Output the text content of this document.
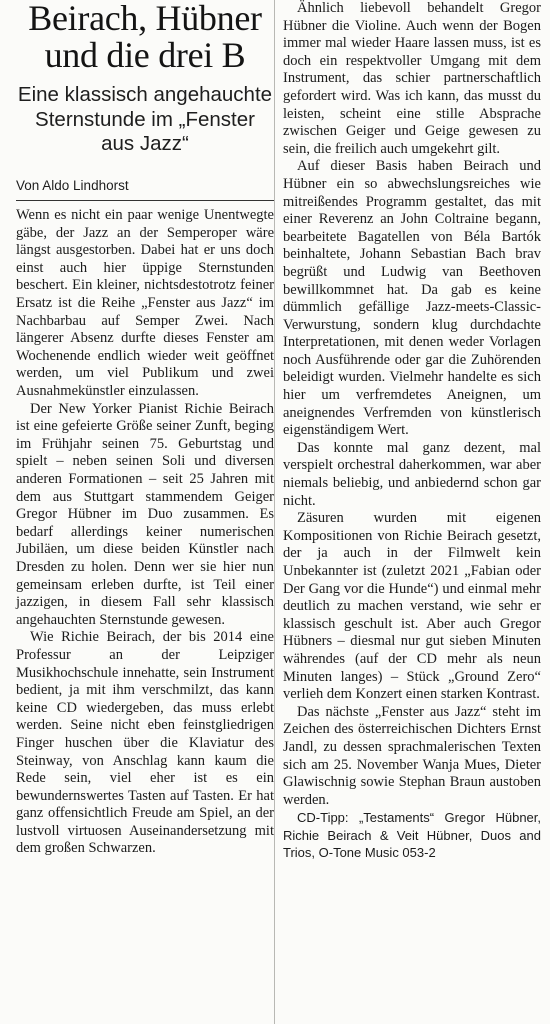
Beirach, Hübner und die drei B
Eine klassisch angehauchte Sternstunde im „Fenster aus Jazz“
Von Aldo Lindhorst

Wenn es nicht ein paar wenige Unentwegte gäbe, der Jazz an der Semperoper wäre längst ausgestorben. Dabei hat er uns doch einst auch hier üppige Sternstunden beschert. Ein kleiner, nichtsdestotrotz feiner Ersatz ist die Reihe „Fenster aus Jazz“ im Nachbarbau auf Semper Zwei. Nach längerer Absenz durfte dieses Fenster am Wochenende endlich wieder weit geöffnet werden, um viel Publikum und zwei Ausnahmekünstler einzulassen.

Der New Yorker Pianist Richie Beirach ist eine gefeierte Größe seiner Zunft, beging im Frühjahr seinen 75. Geburtstag und spielt – neben seinen Soli und diversen anderen Formationen – seit 25 Jahren mit dem aus Stuttgart stammendem Geiger Gregor Hübner im Duo zusammen. Es bedarf allerdings keiner numerischen Jubiläen, um diese beiden Künstler nach Dresden zu holen. Denn wer sie hier nun gemeinsam erleben durfte, ist Teil einer jazzigen, in diesem Fall sehr klassisch angehauchten Sternstunde gewesen.

Wie Richie Beirach, der bis 2014 eine Professur an der Leipziger Musikhochschule innehatte, sein Instrument bedient, ja mit ihm verschmilzt, das kann keine CD wiedergeben, das muss erlebt werden. Seine nicht eben feinstgliedrigen Finger huschen über die Klaviatur des Steinway, von Anschlag kann kaum die Rede sein, viel eher ist es ein bewundernswertes Tasten auf Tasten. Er hat ganz offensichtlich Freude am Spiel, an der lustvoll virtuosen Auseinandersetzung mit dem großen Schwarzen.

Ähnlich liebevoll behandelt Gregor Hübner die Violine. Auch wenn der Bogen immer mal wieder Haare lassen muss, ist es doch ein respektvoller Umgang mit dem Instrument, das schier partnerschaftlich gefordert wird. Was ich kann, das musst du leisten, scheint eine stille Absprache zwischen Geiger und Geige gewesen zu sein, die freilich auch umgekehrt gilt.

Auf dieser Basis haben Beirach und Hübner ein so abwechslungsreiches wie mitreißendes Programm gestaltet, das mit einer Reverenz an John Coltraine begann, bearbeitete Bagatellen von Béla Bartók beinhaltete, Johann Sebastian Bach brav begrüßt und Ludwig van Beethoven bewillkommnet hat. Da gab es keine dümmlich gefällige Jazz-meets-Classic-Verwurstung, sondern klug durchdachte Interpretationen, mit denen weder Vorlagen noch Ausführende oder gar die Zuhörenden beleidigt wurden. Vielmehr handelte es sich hier um verfremdetes Aneignen, um aneignendes Verfremden von künstlerisch eigenständigem Wert.

Das konnte mal ganz dezent, mal verspielt orchestral daherkommen, war aber niemals beliebig, und anbiedernd schon gar nicht.

Zäsuren wurden mit eigenen Kompositionen von Richie Beirach gesetzt, der ja auch in der Filmwelt kein Unbekannter ist (zuletzt 2021 „Fabian oder Der Gang vor die Hunde“) und einmal mehr deutlich zu machen verstand, wie sehr er klassisch geschult ist. Aber auch Gregor Hübners – diesmal nur gut sieben Minuten währendes (auf der CD mehr als neun Minuten langes) – Stück „Ground Zero“ verlieh dem Konzert einen starken Kontrast.

Das nächste „Fenster aus Jazz“ steht im Zeichen des österreichischen Dichters Ernst Jandl, zu dessen sprachmalerischen Texten sich am 25. November Wanja Mues, Dieter Glawischnig sowie Stephan Braun austoben werden.

CD-Tipp: „Testaments“ Gregor Hübner, Richie Beirach & Veit Hübner, Duos and Trios, O-Tone Music 053-2
